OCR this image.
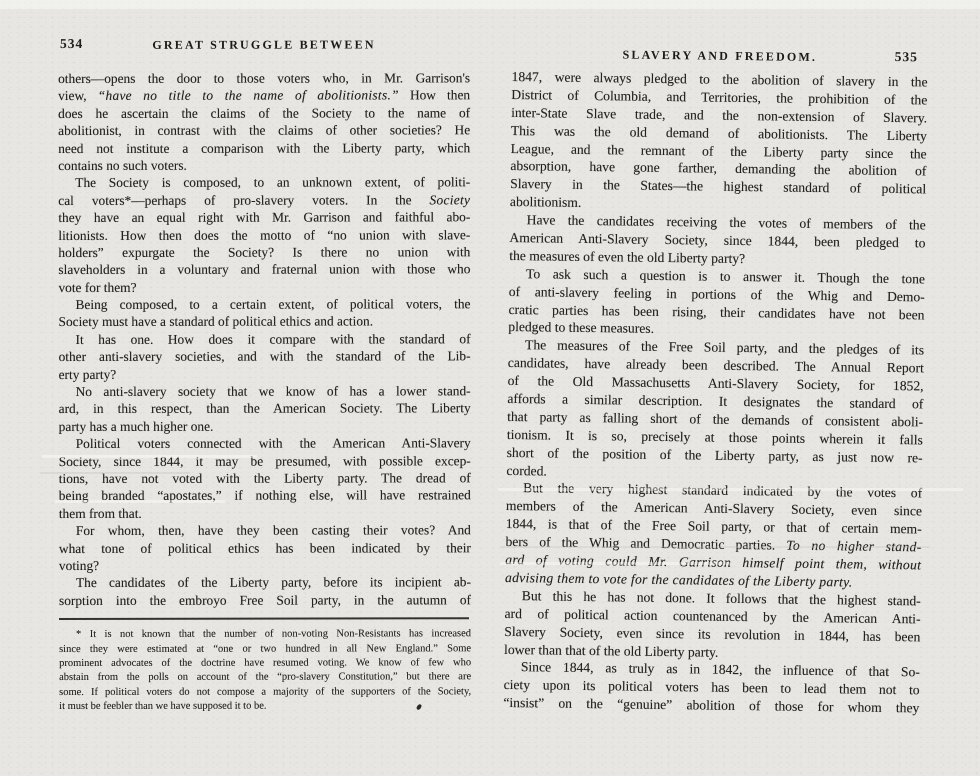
534	GREAT STRUGGLE BETWEEN
others—opens the door to those voters who, in Mr. Garrison's
view, “have no title to the name of abolitionists.” How then
does he ascertain the claims of the Society to the name of
abolitionist, in contrast with the claims of other societies? He
need not institute a comparison with the Liberty party, which
contains no such voters.
The Society is composed, to an unknown extent, of politi-
cal voters*—perhaps of pro-slavery voters. In the Society
they have an equal right with Mr. Garrison and faithful abo-
litionists. How then does the motto of “no union with slave-
holders” expurgate the Society? Is there no union with
slaveholders in a voluntary and fraternal union with those who
vote for them?
Being composed, to a certain extent, of political voters, the
Society must have a standard of political ethics and action.
It has one. How does it compare with the standard of
other anti-slavery societies, and with the standard of the Lib-
erty party?
No anti-slavery society that we know of has a lower stand-
ard, in this respect, than the American Society. The Liberty
party has a much higher one.
Political voters connected with the American Anti-Slavery
Society, since 1844, it may be presumed, with possible excep-
tions, have not voted with the Liberty party. The dread of
being branded “apostates,” if nothing else, will have restrained
them from that.
For whom, then, have they been casting their votes? And
what tone of political ethics has been indicated by their
voting?
The candidates of the Liberty party, before its incipient ab-
sorption into the embroyo Free Soil party, in the autumn of
* It is not known that the number of non-voting Non-Resistants has increased
since they were estimated at “one or two hundred in all New England.” Some
prominent advocates of the doctrine have resumed voting. We know of few who
abstain from the polls on account of the “pro-slavery Constitution,” but there are
some. If political voters do not compose a majority of the supporters of the Society,
it must be feebler than we have supposed it to be.
SLAVERY AND FREEDOM.	535
1847, were always pledged to the abolition of slavery in the
District of Columbia, and Territories, the prohibition of the
inter-State Slave trade, and the non-extension of Slavery.
This was the old demand of abolitionists. The Liberty
League, and the remnant of the Liberty party since the
absorption, have gone farther, demanding the abolition of
Slavery in the States—the highest standard of political
abolitionism.
Have the candidates receiving the votes of members of the
American Anti-Slavery Society, since 1844, been pledged to
the measures of even the old Liberty party?
To ask such a question is to answer it. Though the tone
of anti-slavery feeling in portions of the Whig and Demo-
cratic parties has been rising, their candidates have not been
pledged to these measures.
The measures of the Free Soil party, and the pledges of its
candidates, have already been described. The Annual Report
of the Old Massachusetts Anti-Slavery Society, for 1852,
affords a similar description. It designates the standard of
that party as falling short of the demands of consistent aboli-
tionism. It is so, precisely at those points wherein it falls
short of the position of the Liberty party, as just now re-
corded.
But the very highest standard indicated by the votes of
members of the American Anti-Slavery Society, even since
1844, is that of the Free Soil party, or that of certain mem-
bers of the Whig and Democratic parties. To no higher stand-
ard of voting could Mr. Garrison himself point them, without
advising them to vote for the candidates of the Liberty party.
But this he has not done. It follows that the highest stand-
ard of political action countenanced by the American Anti-
Slavery Society, even since its revolution in 1844, has been
lower than that of the old Liberty party.
Since 1844, as truly as in 1842, the influence of that So-
ciety upon its political voters has been to lead them not to
“insist” on the “genuine” abolition of those for whom they
